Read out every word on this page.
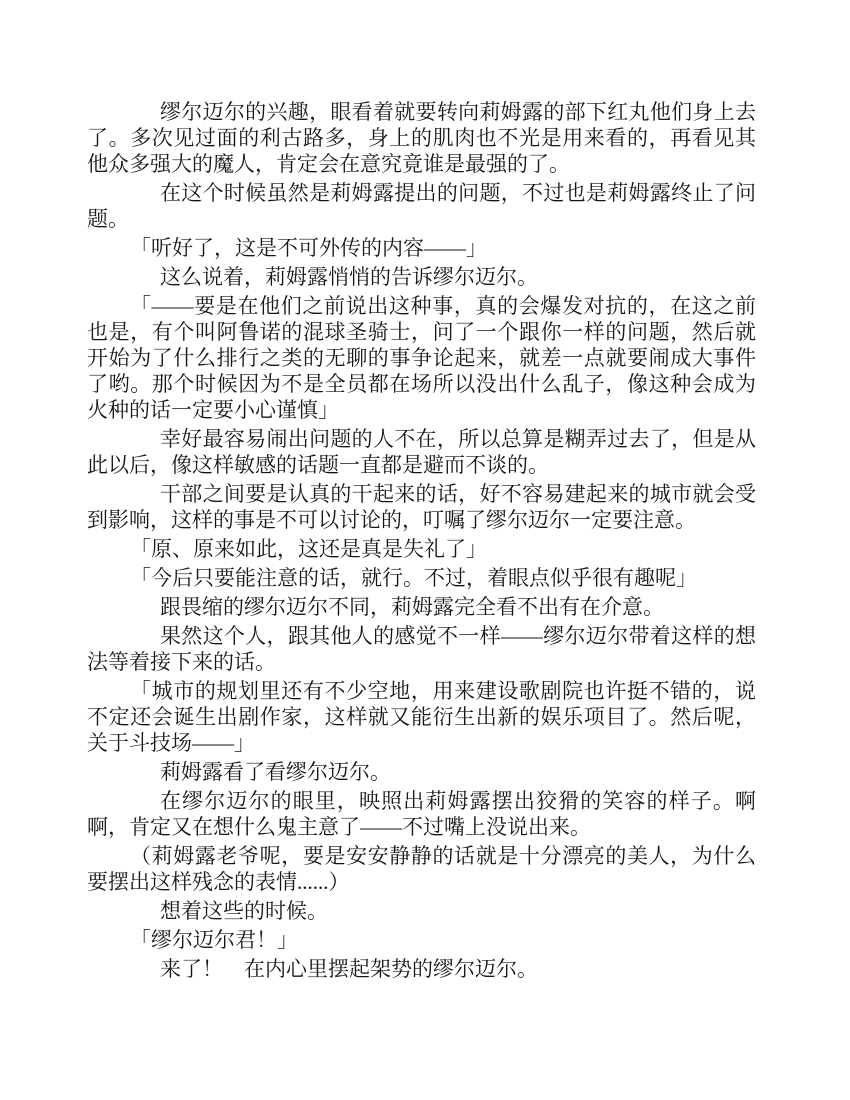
缪尔迈尔的兴趣，眼看着就要转向莉姆露的部下红丸他们身上去了。多次见过面的利古路多，身上的肌肉也不光是用来看的，再看见其他众多强大的魔人，肯定会在意究竟谁是最强的了。

在这个时候虽然是莉姆露提出的问题，不过也是莉姆露终止了问题。

「听好了，这是不可外传的内容——」

这么说着，莉姆露悄悄的告诉缪尔迈尔。

「——要是在他们之前说出这种事，真的会爆发对抗的，在这之前也是，有个叫阿鲁诺的混球圣骑士，问了一个跟你一样的问题，然后就开始为了什么排行之类的无聊的事争论起来，就差一点就要闹成大事件了哟。那个时候因为不是全员都在场所以没出什么乱子，像这种会成为火种的话一定要小心谨慎」

幸好最容易闹出问题的人不在，所以总算是糊弄过去了，但是从此以后，像这样敏感的话题一直都是避而不谈的。

干部之间要是认真的干起来的话，好不容易建起来的城市就会受到影响，这样的事是不可以讨论的，叮嘱了缪尔迈尔一定要注意。

「原、原来如此，这还是真是失礼了」

「今后只要能注意的话，就行。不过，着眼点似乎很有趣呢」

跟畏缩的缪尔迈尔不同，莉姆露完全看不出有在介意。

果然这个人，跟其他人的感觉不一样——缪尔迈尔带着这样的想法等着接下来的话。

「城市的规划里还有不少空地，用来建设歌剧院也许挺不错的，说不定还会诞生出剧作家，这样就又能衍生出新的娱乐项目了。然后呢，关于斗技场——」

莉姆露看了看缪尔迈尔。

在缪尔迈尔的眼里，映照出莉姆露摆出狡猾的笑容的样子。啊啊，肯定又在想什么鬼主意了——不过嘴上没说出来。

（莉姆露老爷呢，要是安安静静的话就是十分漂亮的美人，为什么要摆出这样残念的表情......）

想着这些的时候。

「缪尔迈尔君！」

来了！　在内心里摆起架势的缪尔迈尔。
